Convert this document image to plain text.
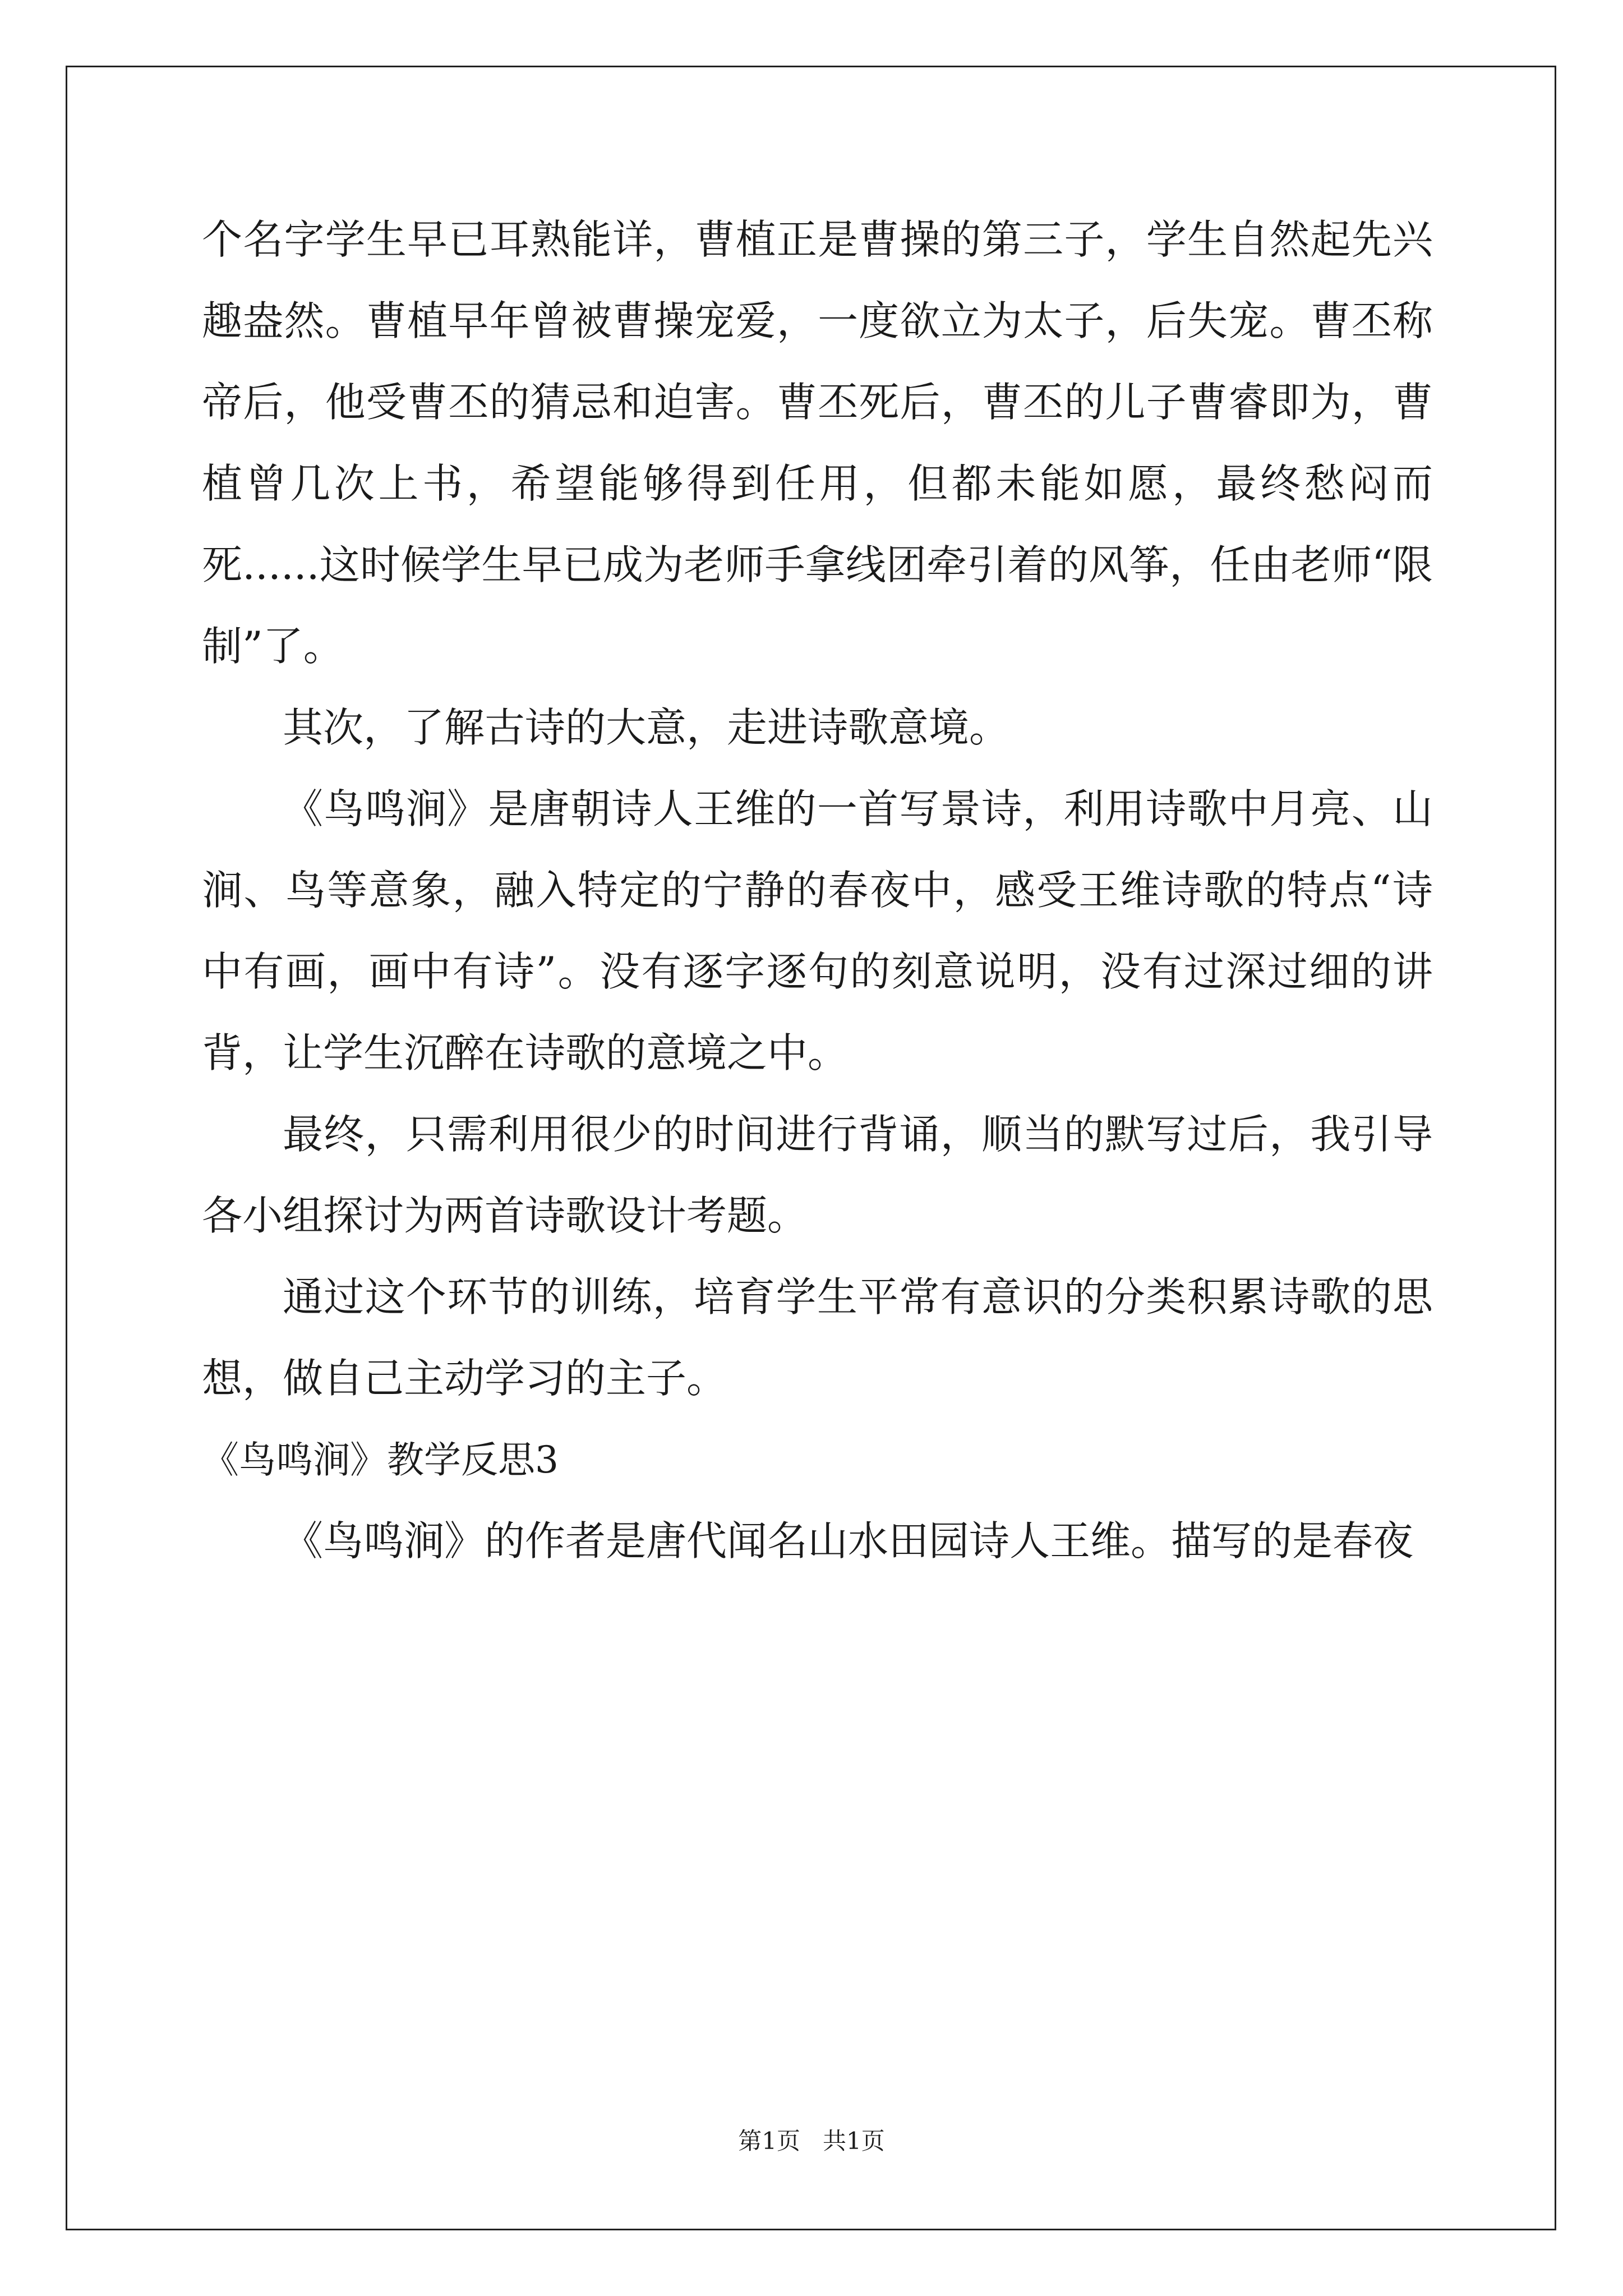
个名字学生早已耳熟能详，曹植正是曹操的第三子，学生自然起先兴趣盎然。曹植早年曾被曹操宠爱，一度欲立为太子，后失宠。曹丕称帝后，他受曹丕的猜忌和迫害。曹丕死后，曹丕的儿子曹睿即为，曹植曾几次上书，希望能够得到任用，但都未能如愿，最终愁闷而死......这时候学生早已成为老师手拿线团牵引着的风筝，任由老师“限制”了。

其次，了解古诗的大意，走进诗歌意境。

《鸟鸣涧》是唐朝诗人王维的一首写景诗，利用诗歌中月亮、山涧、鸟等意象，融入特定的宁静的春夜中，感受王维诗歌的特点“诗中有画，画中有诗”。没有逐字逐句的刻意说明，没有过深过细的讲背，让学生沉醉在诗歌的意境之中。

最终，只需利用很少的时间进行背诵，顺当的默写过后，我引导各小组探讨为两首诗歌设计考题。

通过这个环节的训练，培育学生平常有意识的分类积累诗歌的思想，做自己主动学习的主子。

《鸟鸣涧》教学反思3

《鸟鸣涧》的作者是唐代闻名山水田园诗人王维。描写的是春夜

第1页 共1页
